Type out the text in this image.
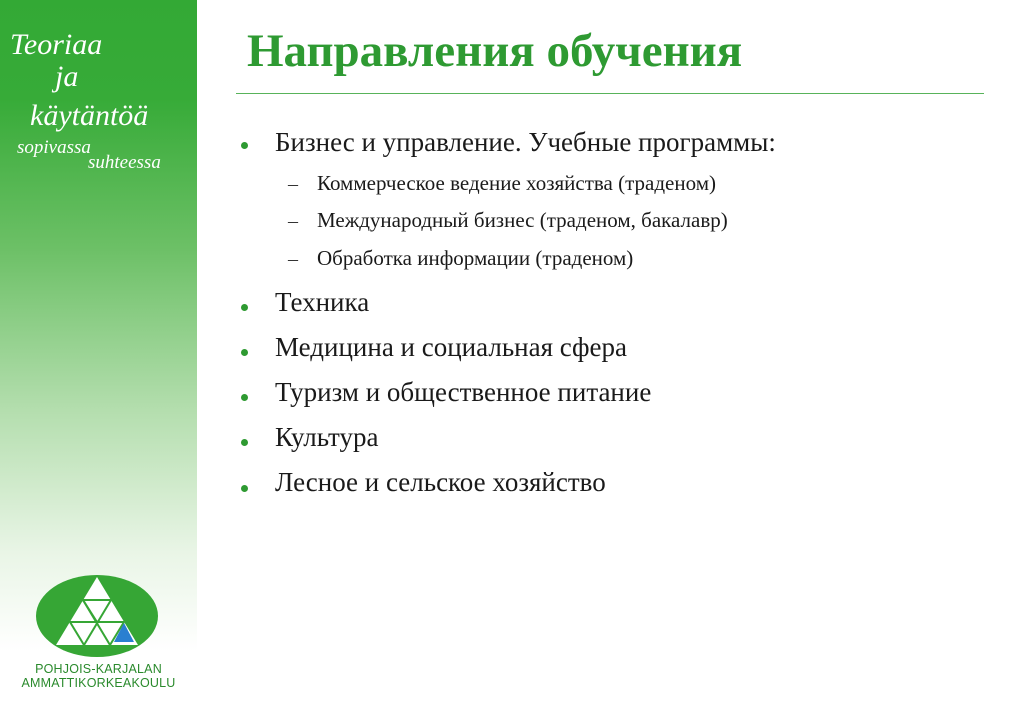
Teoriaa
ja
käytäntöä
sopivassa
suhteessa
POHJOIS-KARJALAN
AMMATTIKORKEAKOULU
Направления обучения
Бизнес и управление. Учебные программы:
– Коммерческое ведение хозяйства (траденом)
– Международный бизнес (траденом, бакалавр)
– Обработка информации (траденом)
Техника
Медицина и социальная сфера
Туризм и общественное питание
Культура
Лесное и сельское хозяйство
